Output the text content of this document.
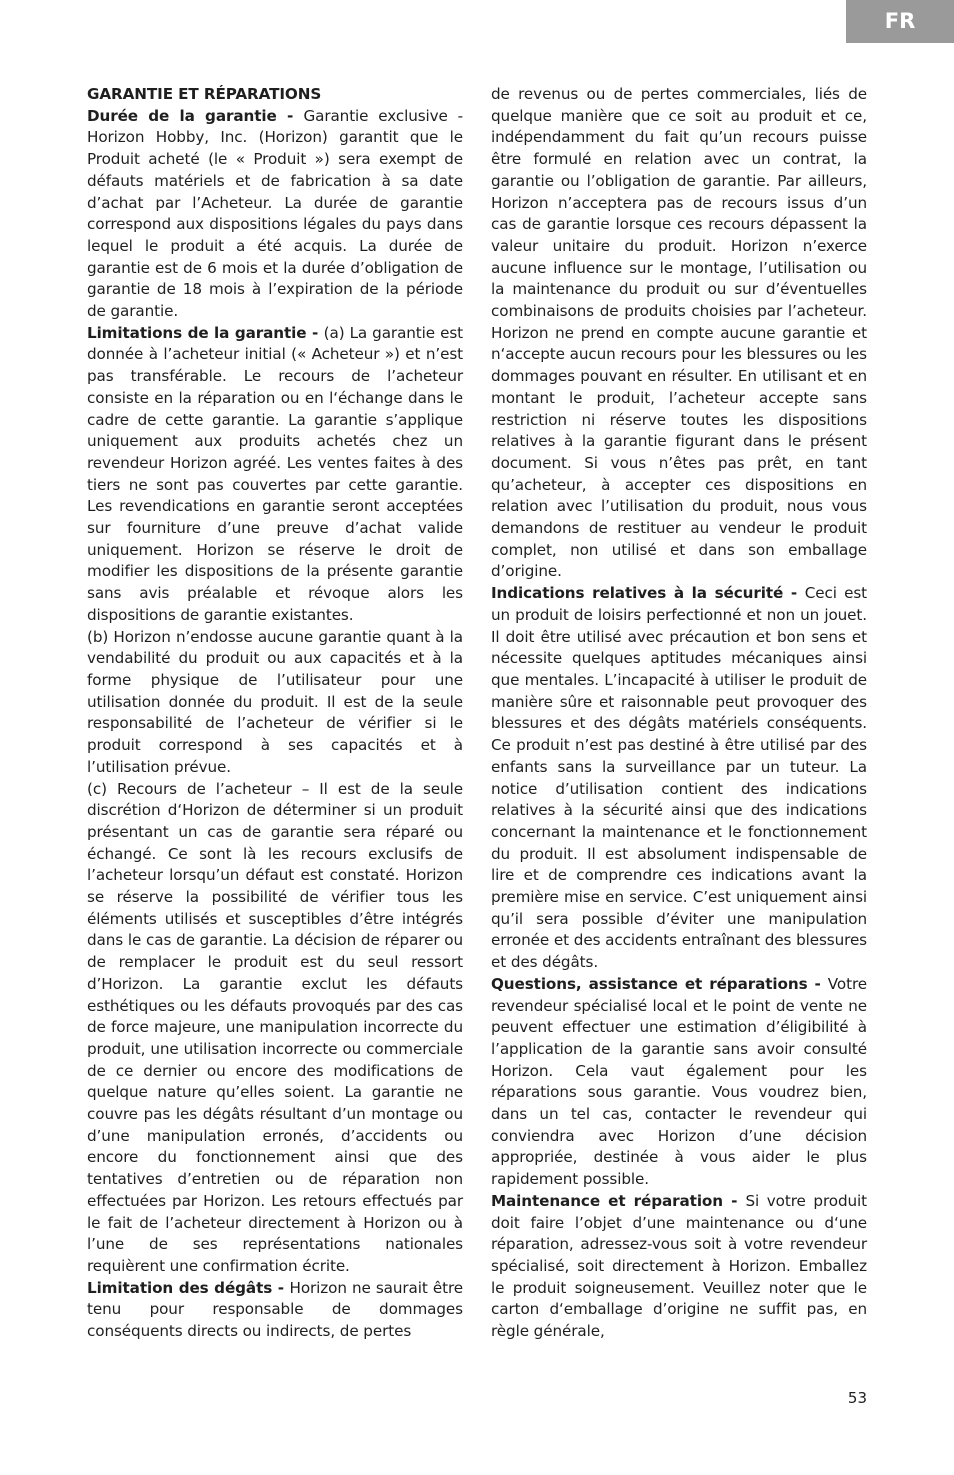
FR
GARANTIE ET RÉPARATIONS

Durée de la garantie - Garantie exclusive - Horizon Hobby, Inc. (Horizon) garantit que le Produit acheté (le « Produit ») sera exempt de défauts matériels et de fabrication à sa date d’achat par l’Acheteur. La durée de garantie correspond aux dispositions légales du pays dans lequel le produit a été acquis. La durée de garantie est de 6 mois et la durée d’obligation de garantie de 18 mois à l’expiration de la période de garantie.

Limitations de la garantie - (a) La garantie est donnée à l’acheteur initial (« Acheteur ») et n’est pas transférable. Le recours de l’acheteur consiste en la réparation ou en l‘échange dans le cadre de cette garantie. La garantie s’applique uniquement aux produits achetés chez un revendeur Horizon agréé. Les ventes faites à des tiers ne sont pas couvertes par cette garantie. Les revendications en garantie seront acceptées sur fourniture d’une preuve d’achat valide uniquement. Horizon se réserve le droit de modifier les dispositions de la présente garantie sans avis préalable et révoque alors les dispositions de garantie existantes.

(b) Horizon n’endosse aucune garantie quant à la vendabilité du produit ou aux capacités et à la forme physique de l’utilisateur pour une utilisation donnée du produit. Il est de la seule responsabilité de l’acheteur de vérifier si le produit correspond à ses capacités et à l’utilisation prévue.

(c) Recours de l’acheteur – Il est de la seule discrétion d‘Horizon de déterminer si un produit présentant un cas de garantie sera réparé ou échangé. Ce sont là les recours exclusifs de l’acheteur lorsqu’un défaut est constaté. Horizon se réserve la possibilité de vérifier tous les éléments utilisés et susceptibles d’être intégrés dans le cas de garantie. La décision de réparer ou de remplacer le produit est du seul ressort d’Horizon. La garantie exclut les défauts esthétiques ou les défauts provoqués par des cas de force majeure, une manipulation incorrecte du produit, une utilisation incorrecte ou commerciale de ce dernier ou encore des modifications de quelque nature qu’elles soient. La garantie ne couvre pas les dégâts résultant d’un montage ou d’une manipulation erronés, d’accidents ou encore du fonctionnement ainsi que des tentatives d’entretien ou de réparation non effectuées par Horizon. Les retours effectués par le fait de l’acheteur directement à Horizon ou à l’une de ses représentations nationales requièrent une confirmation écrite.

Limitation des dégâts - Horizon ne saurait être tenu pour responsable de dommages conséquents directs ou indirects, de pertes

de revenus ou de pertes commerciales, liés de quelque manière que ce soit au produit et ce, indépendamment du fait qu’un recours puisse être formulé en relation avec un contrat, la garantie ou l’obligation de garantie. Par ailleurs, Horizon n’acceptera pas de recours issus d’un cas de garantie lorsque ces recours dépassent la valeur unitaire du produit. Horizon n’exerce aucune influence sur le montage, l’utilisation ou la maintenance du produit ou sur d’éventuelles combinaisons de produits choisies par l’acheteur. Horizon ne prend en compte aucune garantie et n‘accepte aucun recours pour les blessures ou les dommages pouvant en résulter. En utilisant et en montant le produit, l’acheteur accepte sans restriction ni réserve toutes les dispositions relatives à la garantie figurant dans le présent document. Si vous n’êtes pas prêt, en tant qu’acheteur, à accepter ces dispositions en relation avec l’utilisation du produit, nous vous demandons de restituer au vendeur le produit complet, non utilisé et dans son emballage d’origine.

Indications relatives à la sécurité - Ceci est un produit de loisirs perfectionné et non un jouet. Il doit être utilisé avec précaution et bon sens et nécessite quelques aptitudes mécaniques ainsi que mentales. L’incapacité à utiliser le produit de manière sûre et raisonnable peut provoquer des blessures et des dégâts matériels conséquents. Ce produit n’est pas destiné à être utilisé par des enfants sans la surveillance par un tuteur. La notice d’utilisation contient des indications relatives à la sécurité ainsi que des indications concernant la maintenance et le fonctionnement du produit. Il est absolument indispensable de lire et de comprendre ces indications avant la première mise en service. C’est uniquement ainsi qu’il sera possible d’éviter une manipulation erronée et des accidents entraînant des blessures et des dégâts.

Questions, assistance et réparations - Votre revendeur spécialisé local et le point de vente ne peuvent effectuer une estimation d’éligibilité à l’application de la garantie sans avoir consulté Horizon. Cela vaut également pour les réparations sous garantie. Vous voudrez bien, dans un tel cas, contacter le revendeur qui conviendra avec Horizon d’une décision appropriée, destinée à vous aider le plus rapidement possible.

Maintenance et réparation - Si votre produit doit faire l’objet d’une maintenance ou d‘une réparation, adressez-vous soit à votre revendeur spécialisé, soit directement à Horizon. Emballez le produit soigneusement. Veuillez noter que le carton d‘emballage d’origine ne suffit pas, en règle générale,

53
